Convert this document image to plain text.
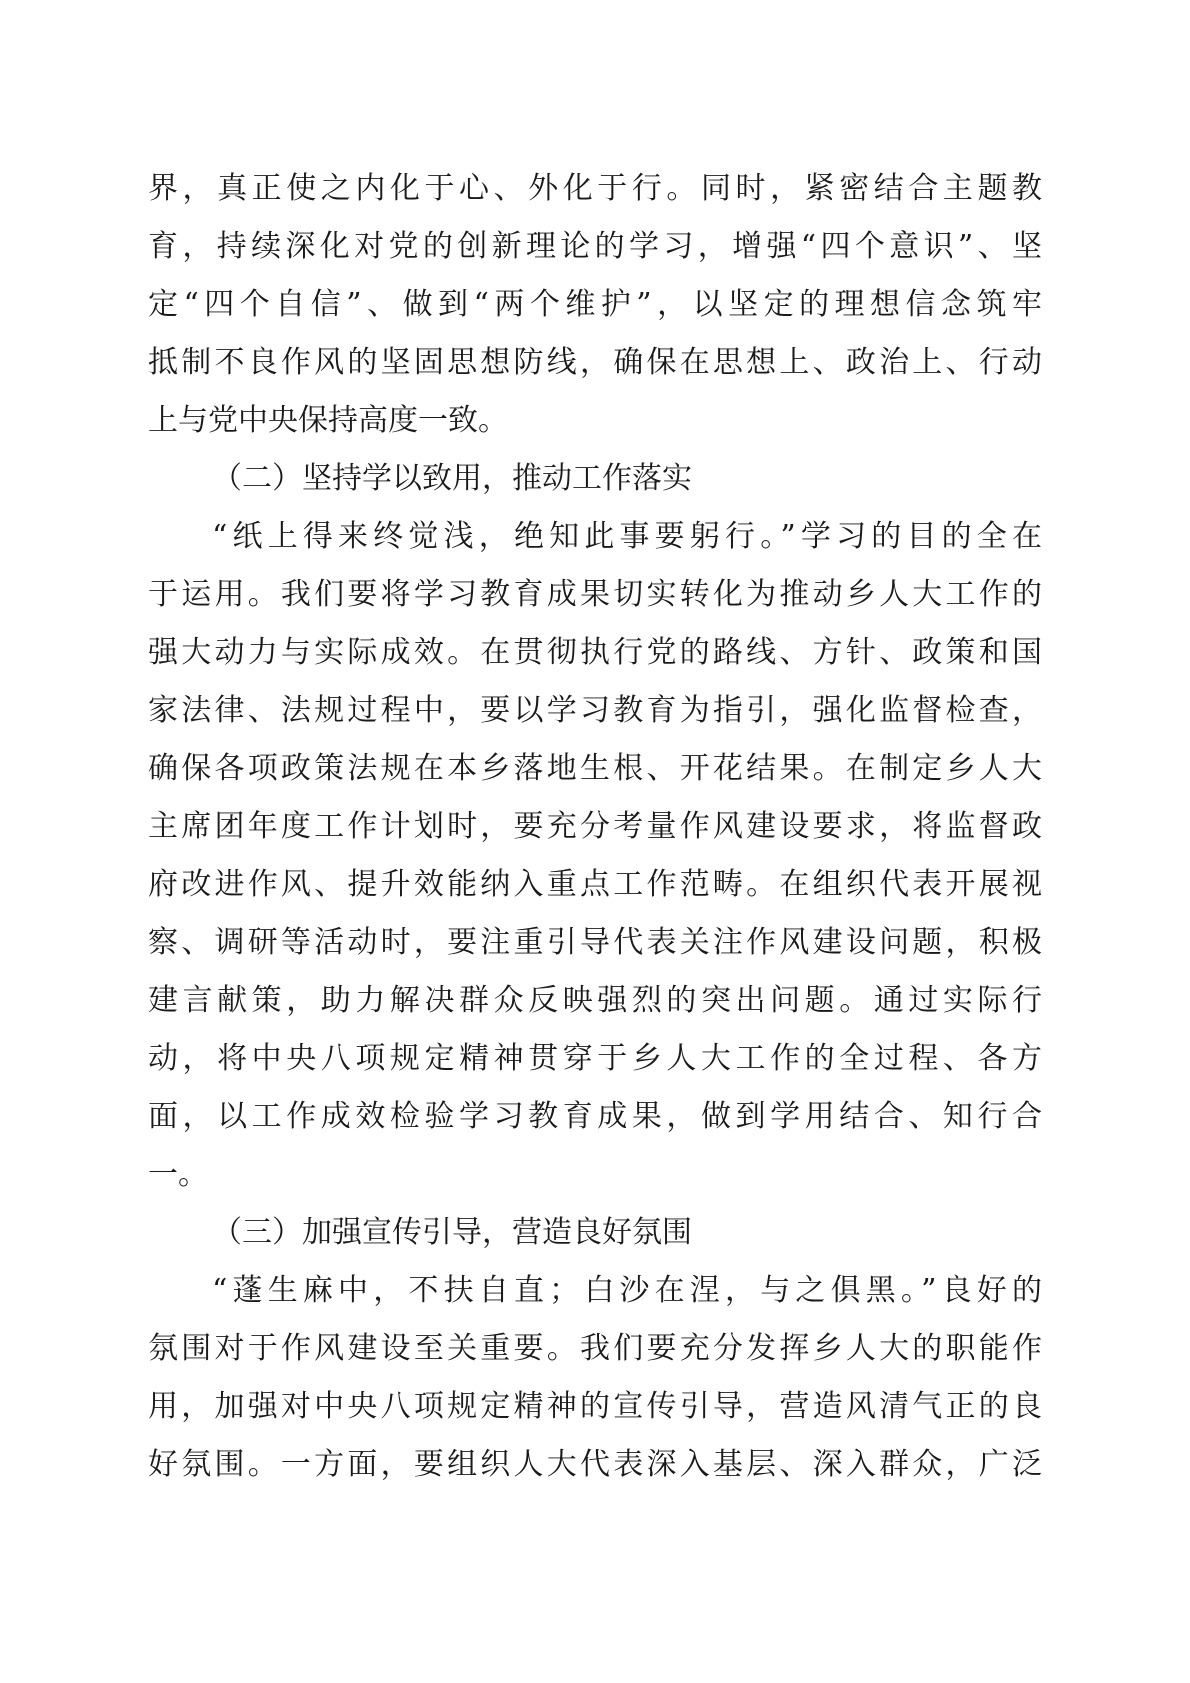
界，真正使之内化于心、外化于行。同时，紧密结合主题教
育，持续深化对党的创新理论的学习，增强“四个意识”、坚
定“四个自信”、做到“两个维护”，以坚定的理想信念筑牢
抵制不良作风的坚固思想防线，确保在思想上、政治上、行动
上与党中央保持高度一致。
（二）坚持学以致用，推动工作落实
“纸上得来终觉浅，绝知此事要躬行。”学习的目的全在
于运用。我们要将学习教育成果切实转化为推动乡人大工作的
强大动力与实际成效。在贯彻执行党的路线、方针、政策和国
家法律、法规过程中，要以学习教育为指引，强化监督检查，
确保各项政策法规在本乡落地生根、开花结果。在制定乡人大
主席团年度工作计划时，要充分考量作风建设要求，将监督政
府改进作风、提升效能纳入重点工作范畴。在组织代表开展视
察、调研等活动时，要注重引导代表关注作风建设问题，积极
建言献策，助力解决群众反映强烈的突出问题。通过实际行
动，将中央八项规定精神贯穿于乡人大工作的全过程、各方
面，以工作成效检验学习教育成果，做到学用结合、知行合
一。
（三）加强宣传引导，营造良好氛围
“蓬生麻中，不扶自直；白沙在涅，与之俱黑。”良好的
氛围对于作风建设至关重要。我们要充分发挥乡人大的职能作
用，加强对中央八项规定精神的宣传引导，营造风清气正的良
好氛围。一方面，要组织人大代表深入基层、深入群众，广泛
